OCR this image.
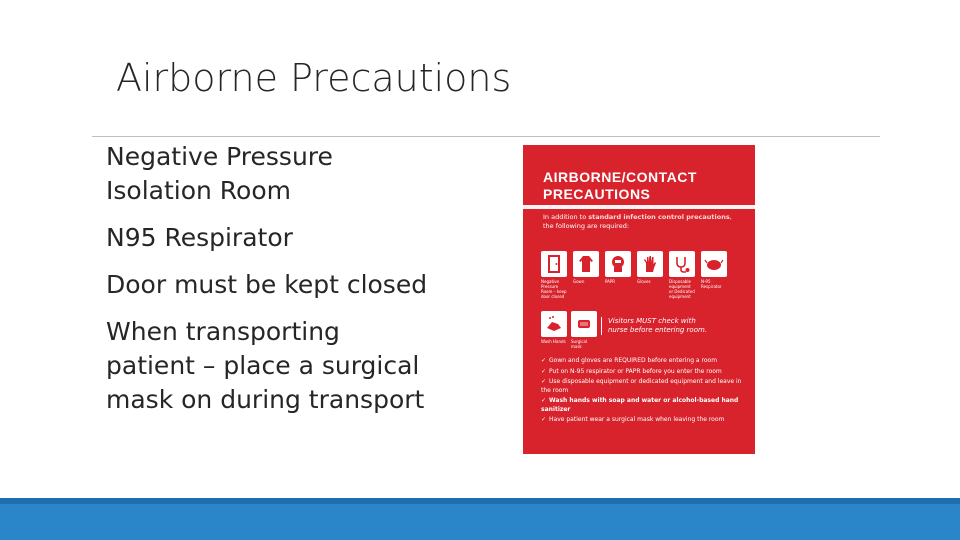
Airborne Precautions

Negative Pressure Isolation Room

N95 Respirator

Door must be kept closed

When transporting patient – place a surgical mask on during transport

AIRBORNE/CONTACT
PRECAUTIONS
In addition to standard infection control precautions, the following are required:
Negative Pressure Room – keep door closed
Gown	PAPR	Gloves	Disposable equipment or Dedicated equipment
N-95 Respirator
Wash Hands	Surgical mask
Visitors MUST check with
nurse before entering room.
✓ Gown and gloves are REQUIRED before entering a room
✓ Put on N-95 respirator or PAPR before you enter the room
✓ Use disposable equipment or dedicated equipment and leave in the room
✓ Wash hands with soap and water or alcohol-based hand sanitizer
✓ Have patient wear a surgical mask when leaving the room
